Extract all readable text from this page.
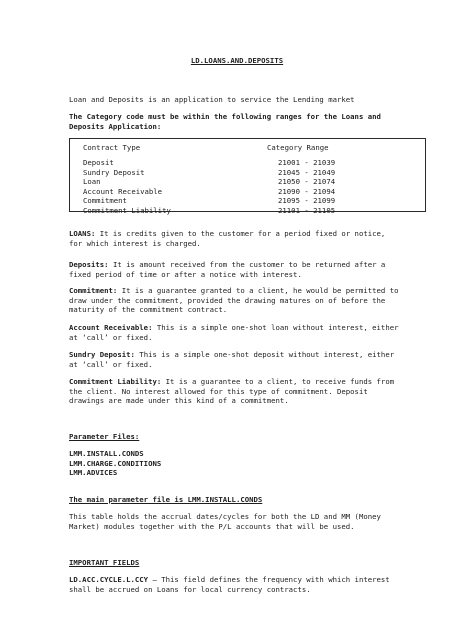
LD.LOANS.AND.DEPOSITS
Loan and Deposits is an application to service the Lending market
The Category code must be within the following ranges for the Loans and
Deposits Application:
Contract Type	Category Range
Deposit	21001 - 21039
Sundry Deposit	21045 - 21049
Loan	21050 - 21074
Account Receivable	21090 - 21094
Commitment	21095 - 21099
Commitment Liability	21101 - 21105
LOANS: It is credits given to the customer for a period fixed or notice,
for which interest is charged.
Deposits: It is amount received from the customer to be returned after a
fixed period of time or after a notice with interest.
Commitment: It is a guarantee granted to a client, he would be permitted to
draw under the commitment, provided the drawing matures on of before the
maturity of the commitment contract.
Account Receivable: This is a simple one-shot loan without interest, either
at ‘call’ or fixed.
Sundry Deposit: This is a simple one-shot deposit without interest, either
at ‘call’ or fixed.
Commitment Liability: It is a guarantee to a client, to receive funds from
the client. No interest allowed for this type of commitment. Deposit
drawings are made under this kind of a commitment.
Parameter Files:
LMM.INSTALL.CONDS
LMM.CHARGE.CONDITIONS
LMM.ADVICES
The main parameter file is LMM.INSTALL.CONDS
This table holds the accrual dates/cycles for both the LD and MM (Money
Market) modules together with the P/L accounts that will be used.
IMPORTANT FIELDS
LD.ACC.CYCLE.L.CCY – This field defines the frequency with which interest
shall be accrued on Loans for local currency contracts.
